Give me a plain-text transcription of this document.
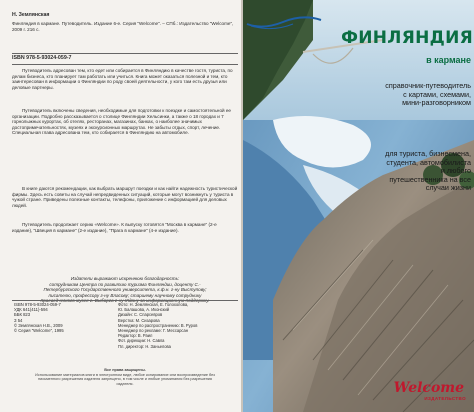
Н. Землянская

Финляндия в кармане. Путеводитель. Издание 6-е. Серия "Welcome". – СПб.: Издательство "Welcome", 2009 г. 216 с.

ISBN 978-5-93024-059-7

Путеводитель адресован тем, кто едет или собирается в Финляндию в качестве гостя, туриста, по делам бизнеса, кто планирует там работать или учиться. Книга может оказаться полезной и тем, кто заинтересован в информации о Финляндии по роду своей деятельности, у кого там есть друзья или деловые партнеры.

Путеводитель включены сведения, необходимые для подготовки к поездке и самостоятельной ее организации. Подробно рассказывается о столице Финляндии Хельсинки, а также о 18 городах и 7 горнолыжных курортах, об отелях, ресторанах, магазинах, банках, о наиболее значимых достопримечательностях, музеях и экскурсионных маршрутах. Не забыты отдых, спорт, лечение. Специальная глава адресована тем, кто собирается в Финляндию на автомобиле.

В книге даются рекомендации, как выбрать маршрут поездки и как найти надежность туристической фирмы. Здесь есть советы на случай непредвиденных ситуаций, которые могут возникнуть у туриста в чужой стране. Приведены полезные контакты, телефоны, приложение с информацией для деловых людей.

Путеводитель продолжает серию «Welcome». К выпуску готовятся "Москва в кармане" (2-е издание), "Швеция в кармане" (2-е издание), "Прага в кармане" (4-е издание).

Издатели выражают искреннюю благодарность:
сотрудникам Центра по развитию туризма Финляндии, доценту С.-Петербургского Государственного университета, к.ф.н. г-ну Выступову; писателю, профессору г-ну Власову; старшему научному сотруднику Краеведческого музея г. Выборга г-ну Ждану за информационную поддержку.

ISBN 978-5-93024-059-7
УДК 641(411)-594
ББК 823
З 54
© Землянская Н.В., 2009
© Серия "Welcome", 1995
Фото: Н. Землянская, Е. Голохолова,
Ю. Балашова, А. Иконский
Дизайн: С. Спарсевров
Верстка: М. Сизарова
Менеджер по распространению: В. Руров
Менеджер по рекламе: Г. Мессарсан
Редактор: В. Раил
Фот. дирекции: Н. Савла
Пл. директор: Н. Заньелова
Все права защищены.
Использование материалов книги в электронном виде, любое копирование или воспроизведение без письменного разрешения издателя запрещено, в том числе и любые упоминания без разрешения издателя.
ФИНЛЯНДИЯ
в кармане
справочник-путеводитель с картами, схемами, мини-разговорником
для туриста, бизнесмена, студента, автомобилиста и любого путешественника на все случаи жизни
Welcome
ИЗДАТЕЛЬСТВО
